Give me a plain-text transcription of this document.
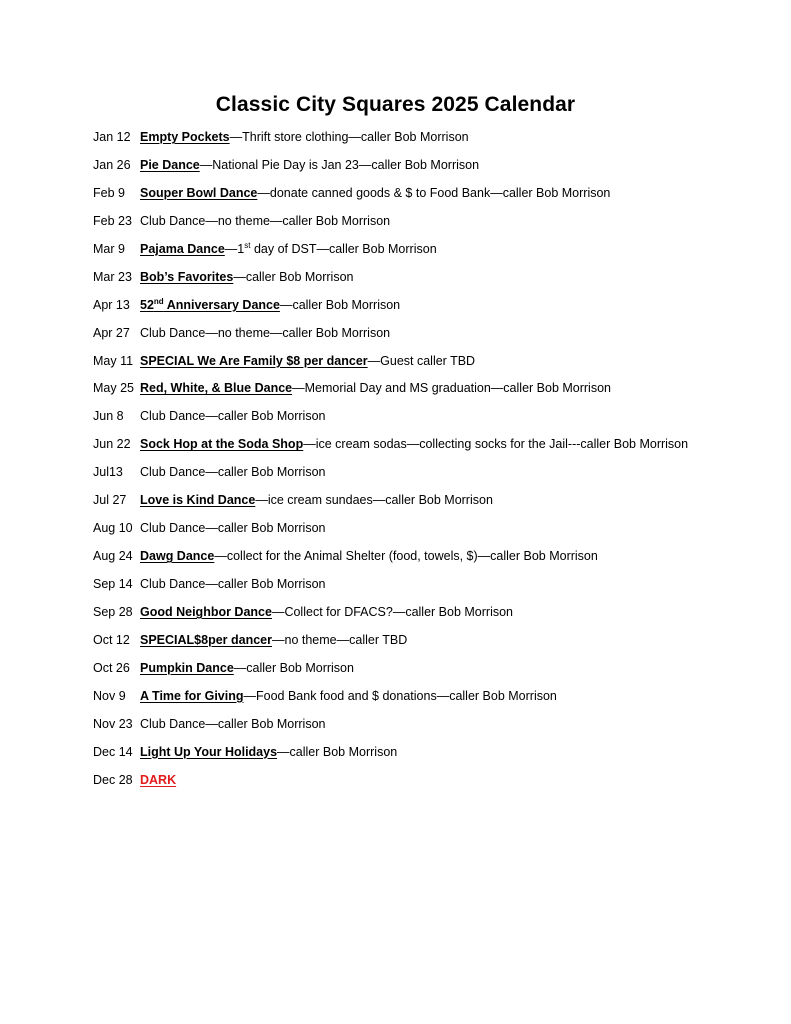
Classic City Squares 2025 Calendar
Jan 12 Empty Pockets—Thrift store clothing—caller Bob Morrison
Jan 26 Pie Dance—National Pie Day is Jan 23—caller Bob Morrison
Feb 9 Souper Bowl Dance—donate canned goods & $ to Food Bank—caller Bob Morrison
Feb 23 Club Dance—no theme—caller Bob Morrison
Mar 9 Pajama Dance—1st day of DST—caller Bob Morrison
Mar 23 Bob’s Favorites—caller Bob Morrison
Apr 13 52nd Anniversary Dance—caller Bob Morrison
Apr 27 Club Dance—no theme—caller Bob Morrison
May 11 SPECIAL We Are Family $8 per dancer—Guest caller TBD
May 25 Red, White, & Blue Dance—Memorial Day and MS graduation—caller Bob Morrison
Jun 8 Club Dance—caller Bob Morrison
Jun 22 Sock Hop at the Soda Shop—ice cream sodas—collecting socks for the Jail---caller Bob Morrison
Jul13 Club Dance—caller Bob Morrison
Jul 27 Love is Kind Dance—ice cream sundaes—caller Bob Morrison
Aug 10 Club Dance—caller Bob Morrison
Aug 24 Dawg Dance—collect for the Animal Shelter (food, towels, $)—caller Bob Morrison
Sep 14 Club Dance—caller Bob Morrison
Sep 28 Good Neighbor Dance—Collect for DFACS?—caller Bob Morrison
Oct 12 SPECIAL$8per dancer—no theme—caller TBD
Oct 26 Pumpkin Dance—caller Bob Morrison
Nov 9 A Time for Giving—Food Bank food and $ donations—caller Bob Morrison
Nov 23 Club Dance—caller Bob Morrison
Dec 14 Light Up Your Holidays—caller Bob Morrison
Dec 28 DARK
